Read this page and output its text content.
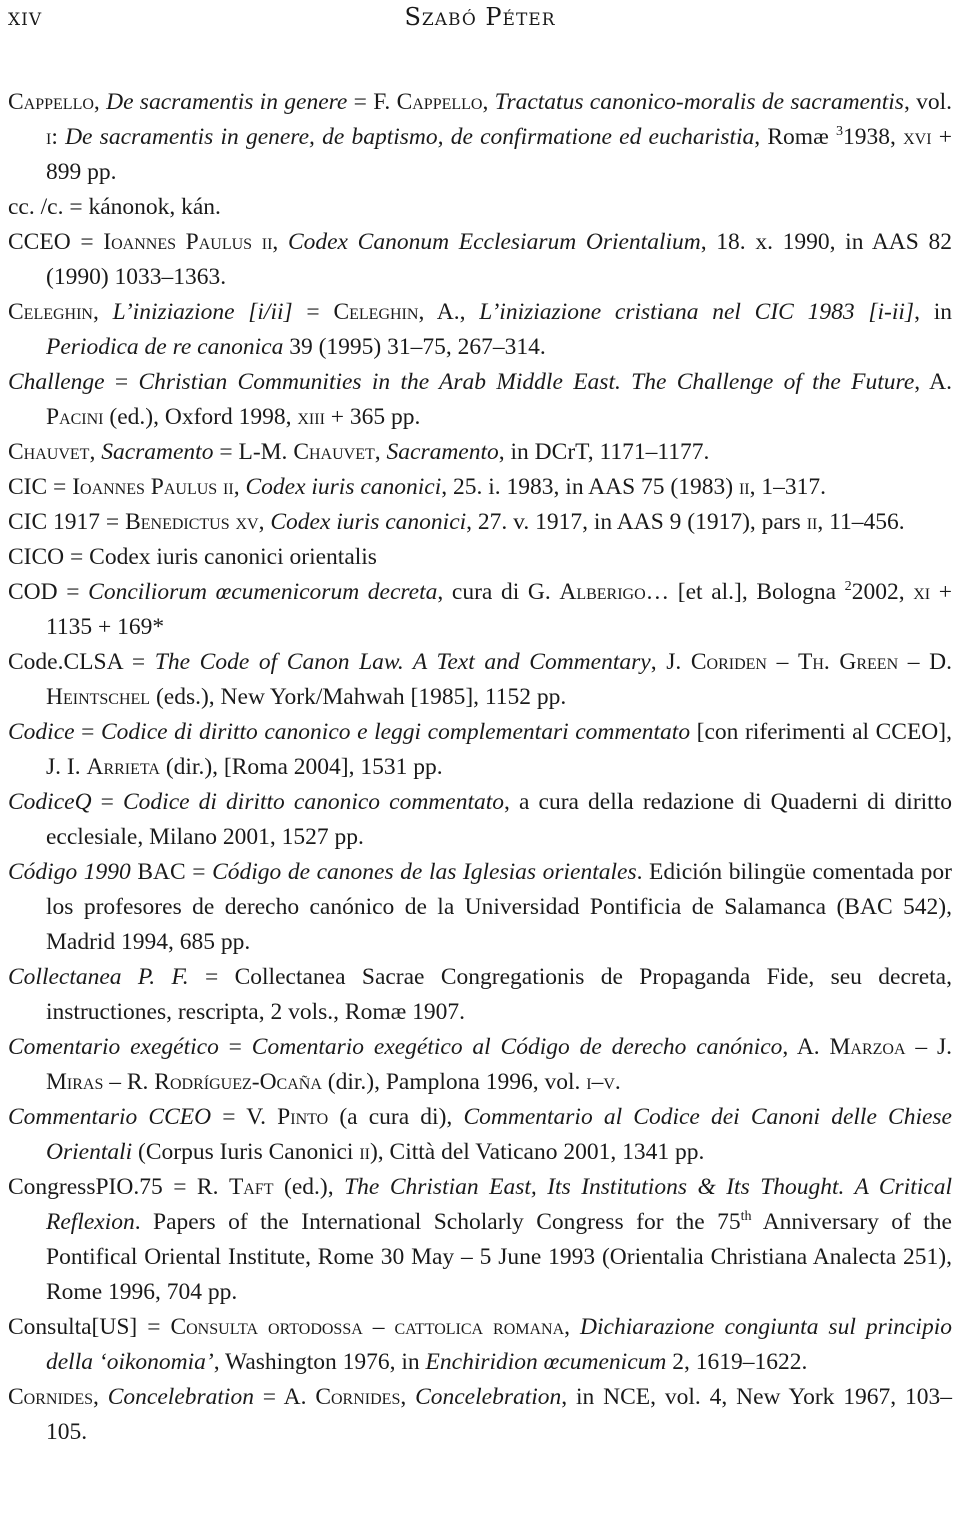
xiv	Szabó Péter

Cappello, De sacramentis in genere = F. Cappello, Tractatus canonico-moralis de sacramentis, vol. i: De sacramentis in genere, de baptismo, de confirmatione ed eucharistia, Romæ $^3$1938, xvi + 899 pp.

cc. /c. = kánonok, kán.

CCEO = Ioannes Paulus ii, Codex Canonum Ecclesiarum Orientalium, 18. x. 1990, in AAS 82 (1990) 1033–1363.

Celeghin, L’iniziazione [i/ii] = Celeghin, A., L’iniziazione cristiana nel CIC 1983 [i-ii], in Periodica de re canonica 39 (1995) 31–75, 267–314.

Challenge = Christian Communities in the Arab Middle East. The Challenge of the Future, A. Pacini (ed.), Oxford 1998, xiii + 365 pp.

Chauvet, Sacramento = L-M. Chauvet, Sacramento, in DCrT, 1171–1177.

CIC = Ioannes Paulus ii, Codex iuris canonici, 25. i. 1983, in AAS 75 (1983) ii, 1–317.

CIC 1917 = Benedictus xv, Codex iuris canonici, 27. v. 1917, in AAS 9 (1917), pars ii, 11–456.

CICO = Codex iuris canonici orientalis

COD = Conciliorum œcumenicorum decreta, cura di G. Alberigo… [et al.], Bologna $^2$2002, xi + 1135 + 169*

Code.CLSA = The Code of Canon Law. A Text and Commentary, J. Coriden – Th. Green – D. Heintschel (eds.), New York/Mahwah [1985], 1152 pp.

Codice = Codice di diritto canonico e leggi complementari commentato [con riferimenti al CCEO], J. I. Arrieta (dir.), [Roma 2004], 1531 pp.

CodiceQ = Codice di diritto canonico commentato, a cura della redazione di Quaderni di diritto ecclesiale, Milano 2001, 1527 pp.

Código 1990 BAC = Código de canones de las Iglesias orientales. Edición bilingüe comentada por los profesores de derecho canónico de la Universidad Pontificia de Salamanca (BAC 542), Madrid 1994, 685 pp.

Collectanea P. F. = Collectanea Sacrae Congregationis de Propaganda Fide, seu decreta, instructiones, rescripta, 2 vols., Romæ 1907.

Comentario exegético = Comentario exegético al Código de derecho canónico, A. Marzoa – J. Miras – R. Rodríguez-Ocaña (dir.), Pamplona 1996, vol. i–v.

Commentario CCEO = V. Pinto (a cura di), Commentario al Codice dei Canoni delle Chiese Orientali (Corpus Iuris Canonici ii), Città del Vaticano 2001, 1341 pp.

CongressPIO.75 = R. Taft (ed.), The Christian East, Its Institutions & Its Thought. A Critical Reflexion. Papers of the International Scholarly Congress for the 75th Anniversary of the Pontifical Oriental Institute, Rome 30 May – 5 June 1993 (Orientalia Christiana Analecta 251), Rome 1996, 704 pp.

Consulta[US] = Consulta ortodossa – cattolica romana, Dichiarazione congiunta sul principio della ‘oikonomia’, Washington 1976, in Enchiridion œcumenicum 2, 1619–1622.

Cornides, Concelebration = A. Cornides, Concelebration, in NCE, vol. 4, New York 1967, 103–105.
